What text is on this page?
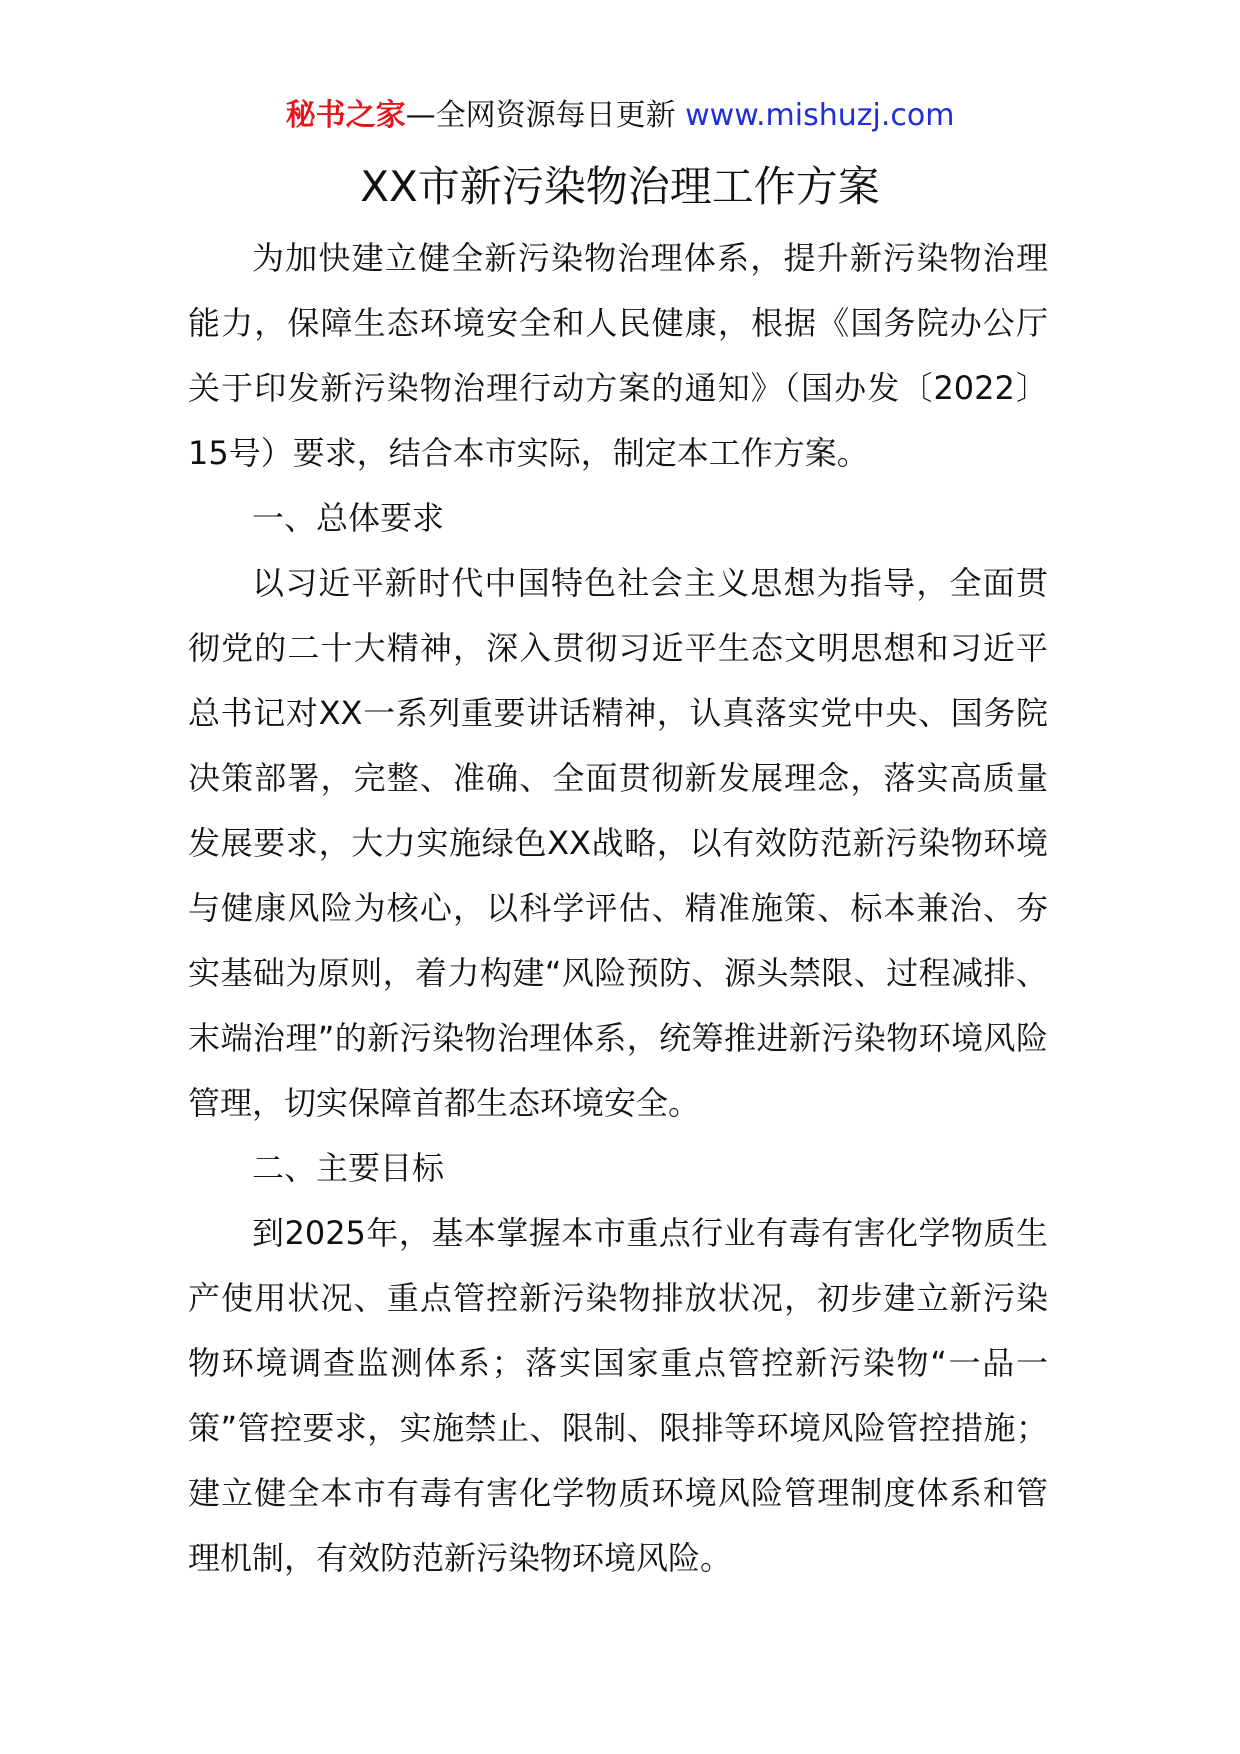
秘书之家—全网资源每日更新 www.mishuzj.com
XX市新污染物治理工作方案

为加快建立健全新污染物治理体系，提升新污染物治理能力，保障生态环境安全和人民健康，根据《国务院办公厅关于印发新污染物治理行动方案的通知》（国办发〔2022〕15号）要求，结合本市实际，制定本工作方案。

一、总体要求

以习近平新时代中国特色社会主义思想为指导，全面贯彻党的二十大精神，深入贯彻习近平生态文明思想和习近平总书记对XX一系列重要讲话精神，认真落实党中央、国务院决策部署，完整、准确、全面贯彻新发展理念，落实高质量发展要求，大力实施绿色XX战略，以有效防范新污染物环境与健康风险为核心，以科学评估、精准施策、标本兼治、夯实基础为原则，着力构建“风险预防、源头禁限、过程减排、末端治理”的新污染物治理体系，统筹推进新污染物环境风险管理，切实保障首都生态环境安全。

二、主要目标

到2025年，基本掌握本市重点行业有毒有害化学物质生产使用状况、重点管控新污染物排放状况，初步建立新污染物环境调查监测体系；落实国家重点管控新污染物“一品一策”管控要求，实施禁止、限制、限排等环境风险管控措施；建立健全本市有毒有害化学物质环境风险管理制度体系和管理机制，有效防范新污染物环境风险。
